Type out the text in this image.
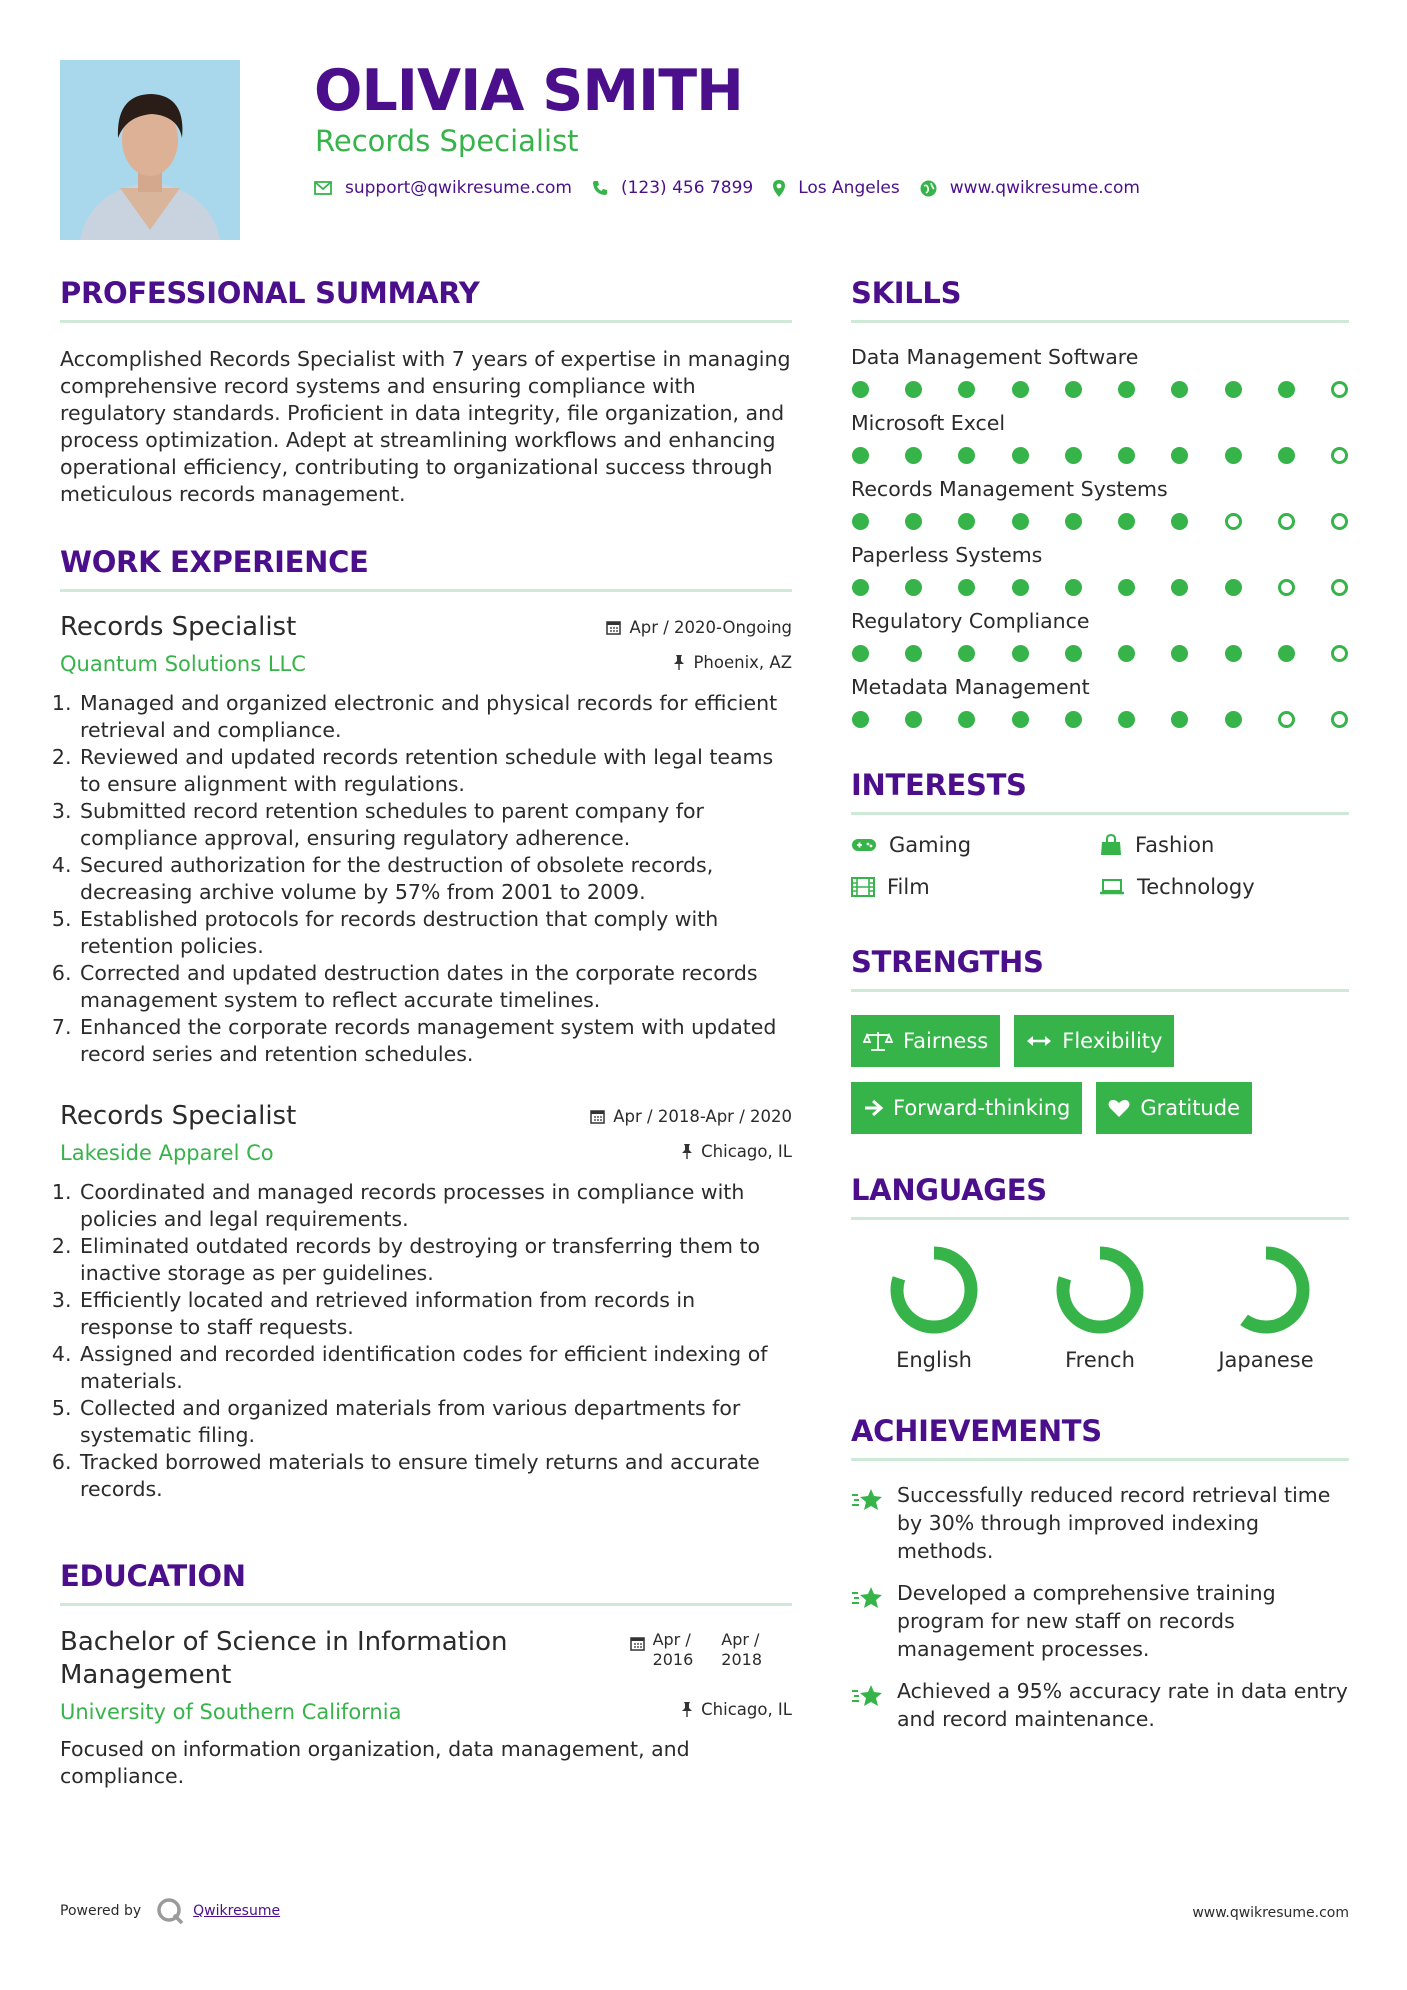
OLIVIA SMITH
Records Specialist
support@qwikresume.com	(123) 456 7899	Los Angeles	www.qwikresume.com
PROFESSIONAL SUMMARY
Accomplished Records Specialist with 7 years of expertise in managing comprehensive record systems and ensuring compliance with regulatory standards. Proficient in data integrity, file organization, and process optimization. Adept at streamlining workflows and enhancing operational efficiency, contributing to organizational success through meticulous records management.
WORK EXPERIENCE
Records Specialist
Quantum Solutions LLC
Apr / 2020-Ongoing
Phoenix, AZ
1. Managed and organized electronic and physical records for efficient retrieval and compliance.
2. Reviewed and updated records retention schedule with legal teams to ensure alignment with regulations.
3. Submitted record retention schedules to parent company for compliance approval, ensuring regulatory adherence.
4. Secured authorization for the destruction of obsolete records, decreasing archive volume by 57% from 2001 to 2009.
5. Established protocols for records destruction that comply with retention policies.
6. Corrected and updated destruction dates in the corporate records management system to reflect accurate timelines.
7. Enhanced the corporate records management system with updated record series and retention schedules.
Records Specialist
Lakeside Apparel Co
Apr / 2018-Apr / 2020
Chicago, IL
1. Coordinated and managed records processes in compliance with policies and legal requirements.
2. Eliminated outdated records by destroying or transferring them to inactive storage as per guidelines.
3. Efficiently located and retrieved information from records in response to staff requests.
4. Assigned and recorded identification codes for efficient indexing of materials.
5. Collected and organized materials from various departments for systematic filing.
6. Tracked borrowed materials to ensure timely returns and accurate records.
EDUCATION
Bachelor of Science in Information Management
Apr /
2016
Apr /
2018
University of Southern California	Chicago, IL
Focused on information organization, data management, and compliance.
SKILLS
Data Management Software
Microsoft Excel
Records Management Systems
Paperless Systems
Regulatory Compliance
Metadata Management
INTERESTS
Gaming	Fashion
Film	Technology
STRENGTHS
Fairness	Flexibility
Forward-thinking	Gratitude
LANGUAGES
English	French	Japanese
ACHIEVEMENTS
Successfully reduced record retrieval time by 30% through improved indexing methods.
Developed a comprehensive training program for new staff on records management processes.
Achieved a 95% accuracy rate in data entry and record maintenance.
Powered by	Qwikresume	www.qwikresume.com
